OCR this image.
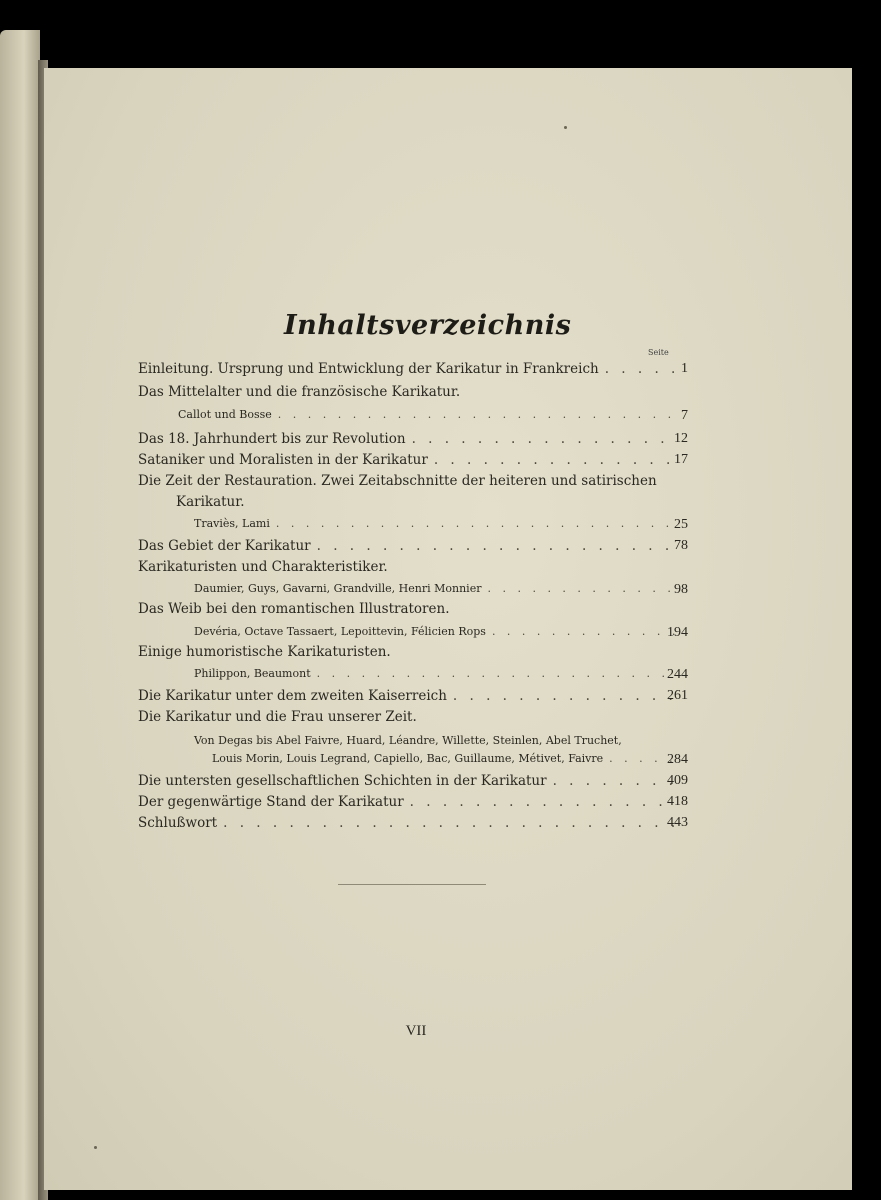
Inhaltsverzeichnis
Seite
Einleitung. Ursprung und Entwicklung der Karikatur in Frankreich . . .	1
Das Mittelalter und die französische Karikatur.
Callot und Bosse . . .	7
Das 18. Jahrhundert bis zur Revolution . . .	12
Sataniker und Moralisten in der Karikatur . . .	17
Die Zeit der Restauration. Zwei Zeitabschnitte der heiteren und satirischen
Karikatur.
Traviès, Lami . . .	25
Das Gebiet der Karikatur . . .	78
Karikaturisten und Charakteristiker.
Daumier, Guys, Gavarni, Grandville, Henri Monnier . . .	98
Das Weib bei den romantischen Illustratoren.
Devéria, Octave Tassaert, Lepoittevin, Félicien Rops . . .	194
Einige humoristische Karikaturisten.
Philippon, Beaumont . . .	244
Die Karikatur unter dem zweiten Kaiserreich . . .	261
Die Karikatur und die Frau unserer Zeit.
Von Degas bis Abel Faivre, Huard, Léandre, Willette, Steinlen, Abel Truchet,
Louis Morin, Louis Legrand, Capiello, Bac, Guillaume, Métivet, Faivre . . .	284
Die untersten gesellschaftlichen Schichten in der Karikatur . . .	409
Der gegenwärtige Stand der Karikatur . . .	418
Schlußwort . . .	443
VII
